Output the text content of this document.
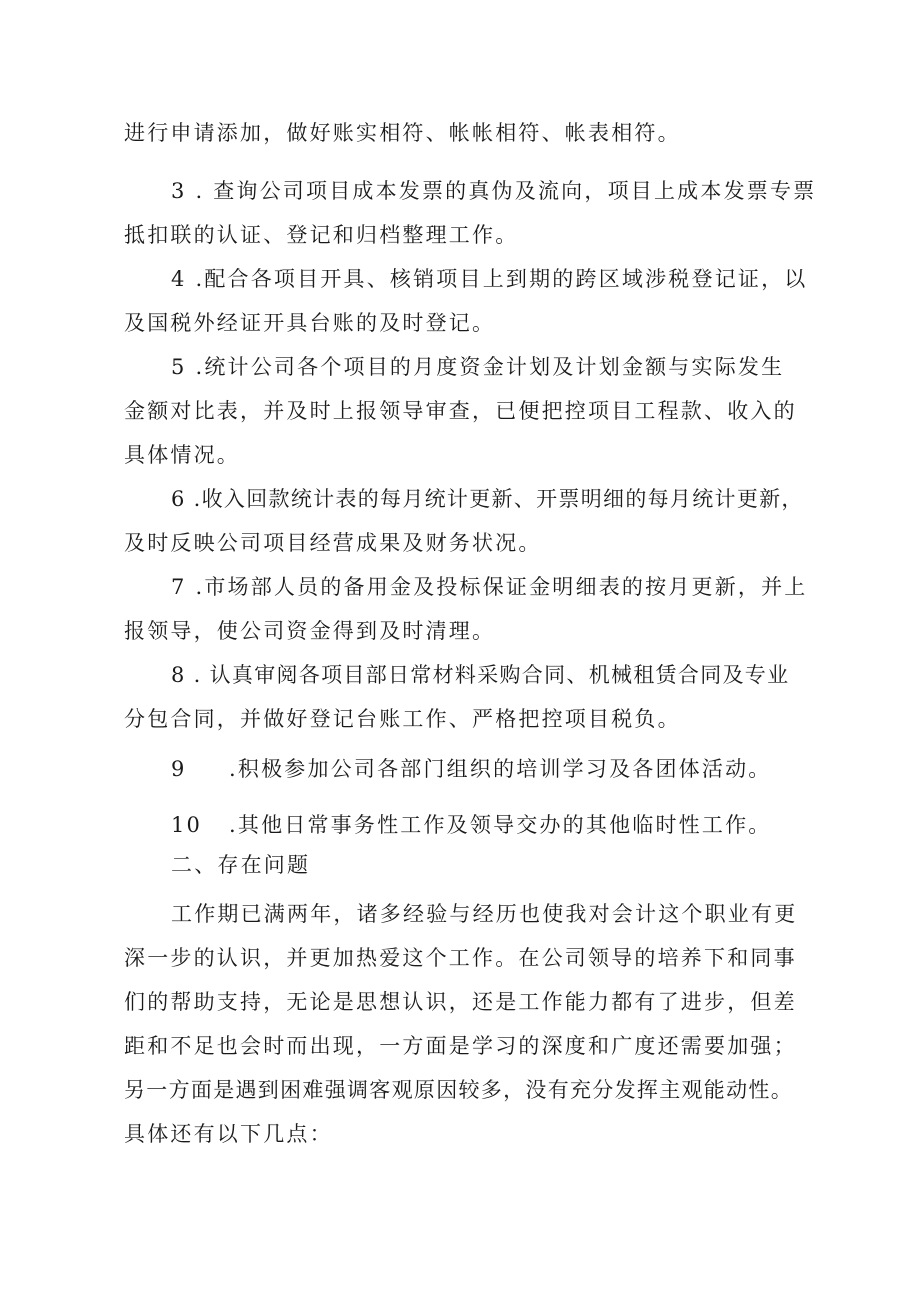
进行申请添加，做好账实相符、帐帐相符、帐表相符。
3 . 查询公司项目成本发票的真伪及流向，项目上成本发票专票
抵扣联的认证、登记和归档整理工作。
4 .配合各项目开具、核销项目上到期的跨区域涉税登记证，以
及国税外经证开具台账的及时登记。
5 .统计公司各个项目的月度资金计划及计划金额与实际发生
金额对比表，并及时上报领导审查，已便把控项目工程款、收入的
具体情况。
6 .收入回款统计表的每月统计更新、开票明细的每月统计更新，
及时反映公司项目经营成果及财务状况。
7 .市场部人员的备用金及投标保证金明细表的按月更新，并上
报领导，使公司资金得到及时清理。
8 . 认真审阅各项目部日常材料采购合同、机械租赁合同及专业
分包合同，并做好登记台账工作、严格把控项目税负。
9 .积极参加公司各部门组织的培训学习及各团体活动。
10 .其他日常事务性工作及领导交办的其他临时性工作。
二、存在问题
工作期已满两年，诸多经验与经历也使我对会计这个职业有更
深一步的认识，并更加热爱这个工作。在公司领导的培养下和同事
们的帮助支持，无论是思想认识，还是工作能力都有了进步，但差
距和不足也会时而出现，一方面是学习的深度和广度还需要加强；
另一方面是遇到困难强调客观原因较多，没有充分发挥主观能动性。
具体还有以下几点：
